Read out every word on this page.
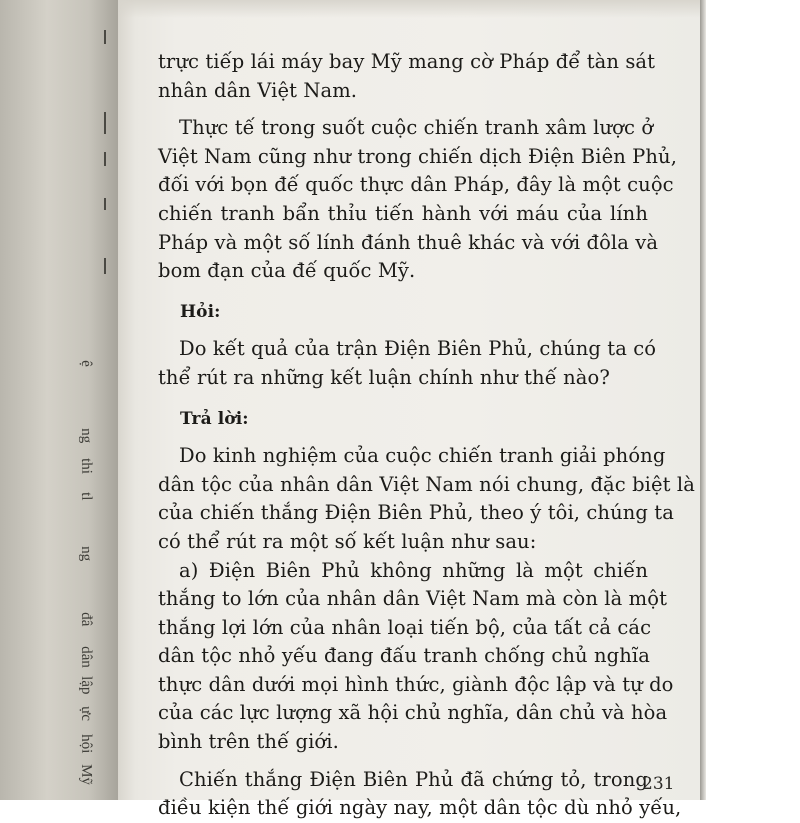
ệ
ng
thi
tl
ng
đâ
dân
lập
ực
hội
Mỹ
trực tiếp lái máy bay Mỹ mang cờ Pháp để tàn sát
nhân dân Việt Nam.
Thực tế trong suốt cuộc chiến tranh xâm lược ở
Việt Nam cũng như trong chiến dịch Điện Biên Phủ,
đối với bọn đế quốc thực dân Pháp, đây là một cuộc
chiến tranh bẩn thỉu tiến hành với máu của lính
Pháp và một số lính đánh thuê khác và với đôla và
bom đạn của đế quốc Mỹ.
Hỏi:
Do kết quả của trận Điện Biên Phủ, chúng ta có
thể rút ra những kết luận chính như thế nào?
Trả lời:
Do kinh nghiệm của cuộc chiến tranh giải phóng
dân tộc của nhân dân Việt Nam nói chung, đặc biệt là
của chiến thắng Điện Biên Phủ, theo ý tôi, chúng ta
có thể rút ra một số kết luận như sau:
a) Điện Biên Phủ không những là một chiến
thắng to lớn của nhân dân Việt Nam mà còn là một
thắng lợi lớn của nhân loại tiến bộ, của tất cả các
dân tộc nhỏ yếu đang đấu tranh chống chủ nghĩa
thực dân dưới mọi hình thức, giành độc lập và tự do
của các lực lượng xã hội chủ nghĩa, dân chủ và hòa
bình trên thế giới.
Chiến thắng Điện Biên Phủ đã chứng tỏ, trong
điều kiện thế giới ngày nay, một dân tộc dù nhỏ yếu,
231
